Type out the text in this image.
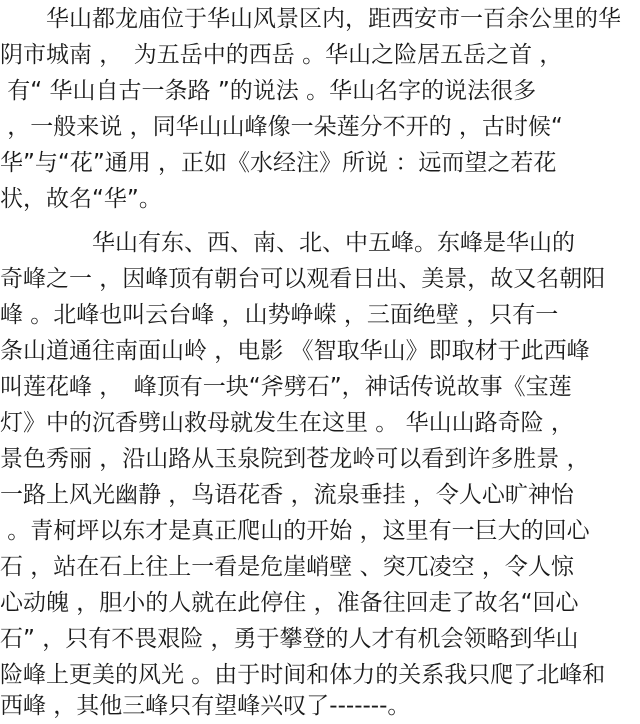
　　华山都龙庙位于华山风景区内，距西安市一百余公里的华
阴市城南 ，　为五岳中的西岳 。华山之险居五岳之首 ，
有“ 华山自古一条路 ”的说法 。华山名字的说法很多
，一般来说 ，同华山山峰像一朵莲分不开的 ，古时候“
华”与“花”通用 ，正如《水经注》所说 ：远而望之若花
状，故名“华”。
　　　　华山有东、西、南、北、中五峰。东峰是华山的
奇峰之一 ，因峰顶有朝台可以观看日出、美景，故又名朝阳
峰 。北峰也叫云台峰 ，山势峥嵘 ，三面绝壁 ，只有一
条山道通往南面山岭 ，电影 《智取华山》即取材于此西峰
叫莲花峰 ，　峰顶有一块“斧劈石”，神话传说故事《宝莲
灯》中的沉香劈山救母就发生在这里 。 华山山路奇险 ，
景色秀丽 ，沿山路从玉泉院到苍龙岭可以看到许多胜景 ，
一路上风光幽静 ，鸟语花香 ，流泉垂挂 ，令人心旷神怡
。青柯坪以东才是真正爬山的开始 ，这里有一巨大的回心
石 ，站在石上往上一看是危崖峭壁 、突兀凌空 ，令人惊
心动魄 ，胆小的人就在此停住 ，准备往回走了故名“回心
石” ，只有不畏艰险 ，勇于攀登的人才有机会领略到华山
险峰上更美的风光 。由于时间和体力的关系我只爬了北峰和
西峰 ，其他三峰只有望峰兴叹了-------。
